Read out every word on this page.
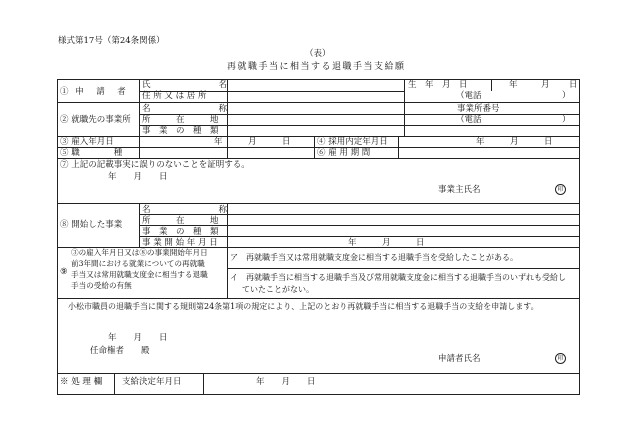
様式第17号（第24条関係）
（表）
再就職手当に相当する退職手当支給願
① 申　請　者
氏　　　　　　　　名	生　年　月　日	年	月 日
住 所 又 は 居 所	（電話	）
② 就職先の事業所
名　　　　　　　　称	事業所番号
所　　　在　　　地	（電話	）
事　業　の　種　類
③ 雇入年月日	年　　　月　　　日	④ 採用内定年月日	年　　　月　　　日
⑤ 職　　　　種	⑥ 雇 用 期 間
⑦ 上記の記載事実に誤りのないことを証明する。
年　　月　　日
事業主氏名	印
⑧ 開始した事業
名　　　　　　　　称
所　　　在　　　地
事　業　の　種　類
事 業 開 始 年 月 日	年　　　月　　　日
⑨
③の雇入年月日又は⑧の事業開始年月日
前3年間における就業についての再就職
手当又は常用就職支度金に相当する退職
手当の受給の有無
ア　再就職手当又は常用就職支度金に相当する退職手当を受給したことがある。
イ　再就職手当に相当する退職手当及び常用就職支度金に相当する退職手当のいずれも受給し
ていたことがない。
小松市職員の退職手当に関する規則第24条第1項の規定により、上記のとおり再就職手当に相当する退職手当の支給を申請します。
年　　月　　日
任命権者　　殿
申請者氏名	印
※ 処 理 欄 支給決定年月日	年　　月　　日
